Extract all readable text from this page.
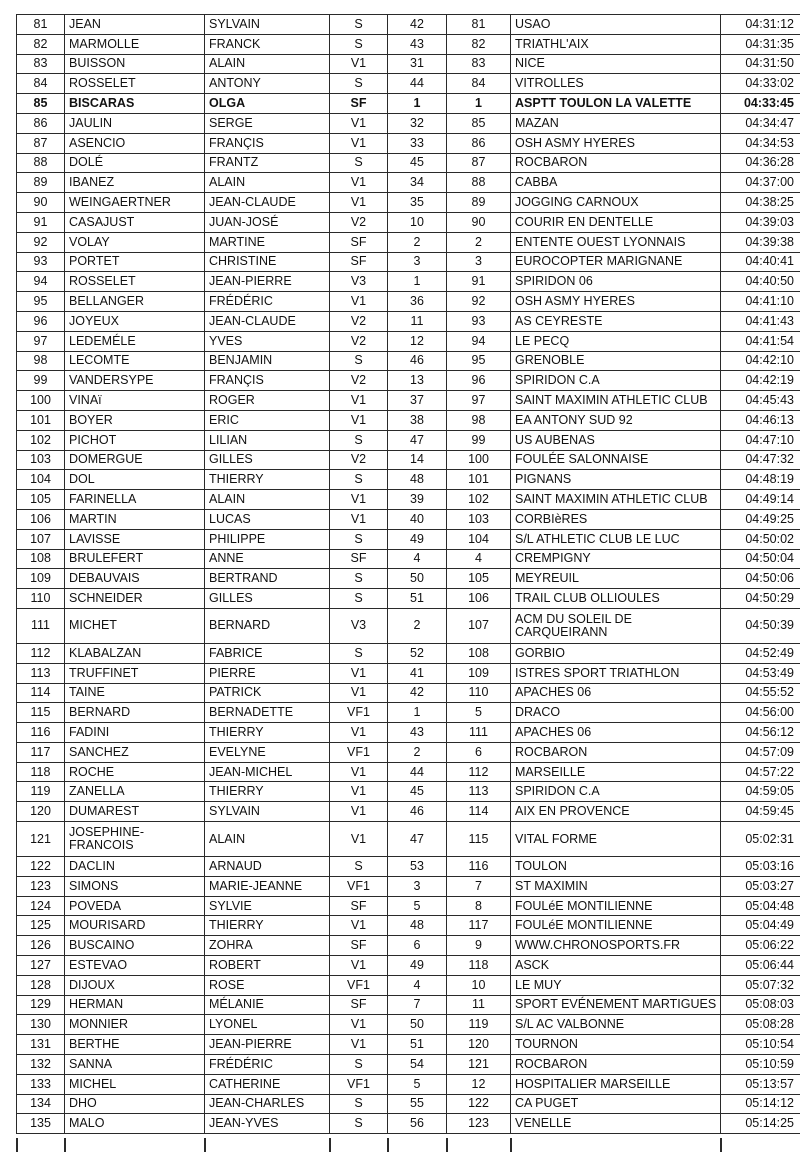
81	JEAN	SYLVAIN	S	42	81	USAO	04:31:12
82	MARMOLLE	FRANCK	S	43	82	TRIATHL'AIX	04:31:35
83	BUISSON	ALAIN	V1	31	83	NICE	04:31:50
84	ROSSELET	ANTONY	S	44	84	VITROLLES	04:33:02
85	BISCARAS	OLGA	SF	1	1	ASPTT TOULON LA VALETTE	04:33:45
86	JAULIN	SERGE	V1	32	85	MAZAN	04:34:47
87	ASENCIO	FRANÇIS	V1	33	86	OSH ASMY HYERES	04:34:53
88	DOLÉ	FRANTZ	S	45	87	ROCBARON	04:36:28
89	IBANEZ	ALAIN	V1	34	88	CABBA	04:37:00
90	WEINGAERTNER	JEAN-CLAUDE	V1	35	89	JOGGING CARNOUX	04:38:25
91	CASAJUST	JUAN-JOSÉ	V2	10	90	COURIR EN DENTELLE	04:39:03
92	VOLAY	MARTINE	SF	2	2	ENTENTE OUEST LYONNAIS	04:39:38
93	PORTET	CHRISTINE	SF	3	3	EUROCOPTER MARIGNANE	04:40:41
94	ROSSELET	JEAN-PIERRE	V3	1	91	SPIRIDON 06	04:40:50
95	BELLANGER	FRÉDÉRIC	V1	36	92	OSH ASMY HYERES	04:41:10
96	JOYEUX	JEAN-CLAUDE	V2	11	93	AS CEYRESTE	04:41:43
97	LEDEMÉLE	YVES	V2	12	94	LE PECQ	04:41:54
98	LECOMTE	BENJAMIN	S	46	95	GRENOBLE	04:42:10
99	VANDERSYPE	FRANÇIS	V2	13	96	SPIRIDON C.A	04:42:19
100	VINAï	ROGER	V1	37	97	SAINT MAXIMIN ATHLETIC CLUB	04:45:43
101	BOYER	ERIC	V1	38	98	EA ANTONY SUD 92	04:46:13
102	PICHOT	LILIAN	S	47	99	US AUBENAS	04:47:10
103	DOMERGUE	GILLES	V2	14	100	FOULÉE SALONNAISE	04:47:32
104	DOL	THIERRY	S	48	101	PIGNANS	04:48:19
105	FARINELLA	ALAIN	V1	39	102	SAINT MAXIMIN ATHLETIC CLUB	04:49:14
106	MARTIN	LUCAS	V1	40	103	CORBIèRES	04:49:25
107	LAVISSE	PHILIPPE	S	49	104	S/L ATHLETIC CLUB LE LUC	04:50:02
108	BRULEFERT	ANNE	SF	4	4	CREMPIGNY	04:50:04
109	DEBAUVAIS	BERTRAND	S	50	105	MEYREUIL	04:50:06
110	SCHNEIDER	GILLES	S	51	106	TRAIL CLUB OLLIOULES	04:50:29
111	MICHET	BERNARD	V3	2	107	ACM DU SOLEIL DE CARQUEIRANN	04:50:39
112	KLABALZAN	FABRICE	S	52	108	GORBIO	04:52:49
113	TRUFFINET	PIERRE	V1	41	109	ISTRES SPORT TRIATHLON	04:53:49
114	TAINE	PATRICK	V1	42	110	APACHES 06	04:55:52
115	BERNARD	BERNADETTE	VF1	1	5	DRACO	04:56:00
116	FADINI	THIERRY	V1	43	111	APACHES 06	04:56:12
117	SANCHEZ	EVELYNE	VF1	2	6	ROCBARON	04:57:09
118	ROCHE	JEAN-MICHEL	V1	44	112	MARSEILLE	04:57:22
119	ZANELLA	THIERRY	V1	45	113	SPIRIDON C.A	04:59:05
120	DUMAREST	SYLVAIN	V1	46	114	AIX EN PROVENCE	04:59:45
121	JOSEPHINE-FRANCOIS	ALAIN	V1	47	115	VITAL FORME	05:02:31
122	DACLIN	ARNAUD	S	53	116	TOULON	05:03:16
123	SIMONS	MARIE-JEANNE	VF1	3	7	ST MAXIMIN	05:03:27
124	POVEDA	SYLVIE	SF	5	8	FOULéE MONTILIENNE	05:04:48
125	MOURISARD	THIERRY	V1	48	117	FOULéE MONTILIENNE	05:04:49
126	BUSCAINO	ZOHRA	SF	6	9	WWW.CHRONOSPORTS.FR	05:06:22
127	ESTEVAO	ROBERT	V1	49	118	ASCK	05:06:44
128	DIJOUX	ROSE	VF1	4	10	LE MUY	05:07:32
129	HERMAN	MÉLANIE	SF	7	11	SPORT EVÉNEMENT MARTIGUES	05:08:03
130	MONNIER	LYONEL	V1	50	119	S/L AC VALBONNE	05:08:28
131	BERTHE	JEAN-PIERRE	V1	51	120	TOURNON	05:10:54
132	SANNA	FRÉDÉRIC	S	54	121	ROCBARON	05:10:59
133	MICHEL	CATHERINE	VF1	5	12	HOSPITALIER MARSEILLE	05:13:57
134	DHO	JEAN-CHARLES	S	55	122	CA PUGET	05:14:12
135	MALO	JEAN-YVES	S	56	123	VENELLE	05:14:25
